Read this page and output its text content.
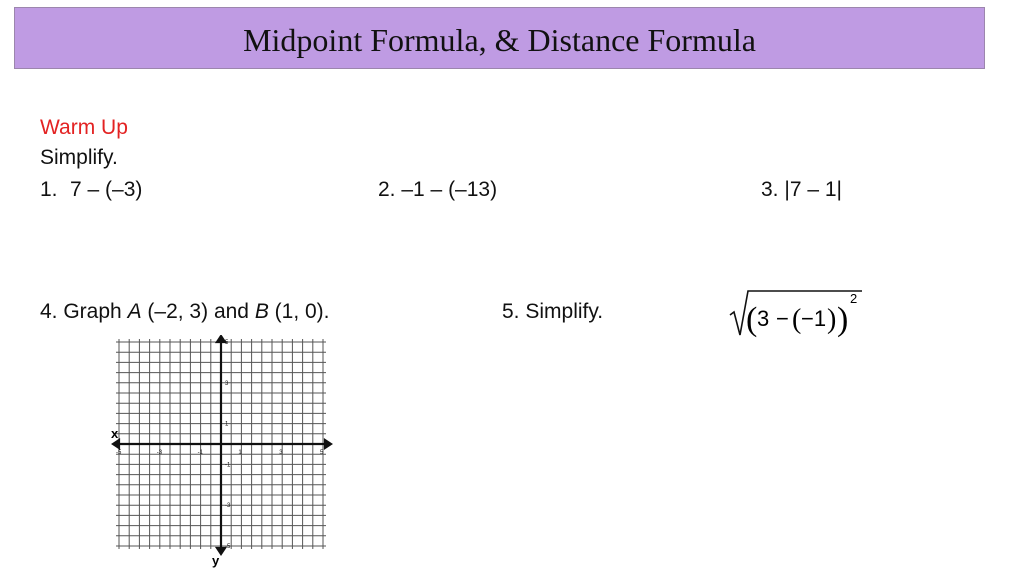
Midpoint Formula, & Distance Formula
Warm Up
Simplify.
1. 7 – (–3)	2. –1 – (–13)	3. |7 – 1|
4. Graph A (–2, 3) and B (1, 0).	5. Simplify.	( 3 − ( −1 ) )
2
-5	-3	-1	1	3	5
5
3
1
-1
-3
-5
x
y
